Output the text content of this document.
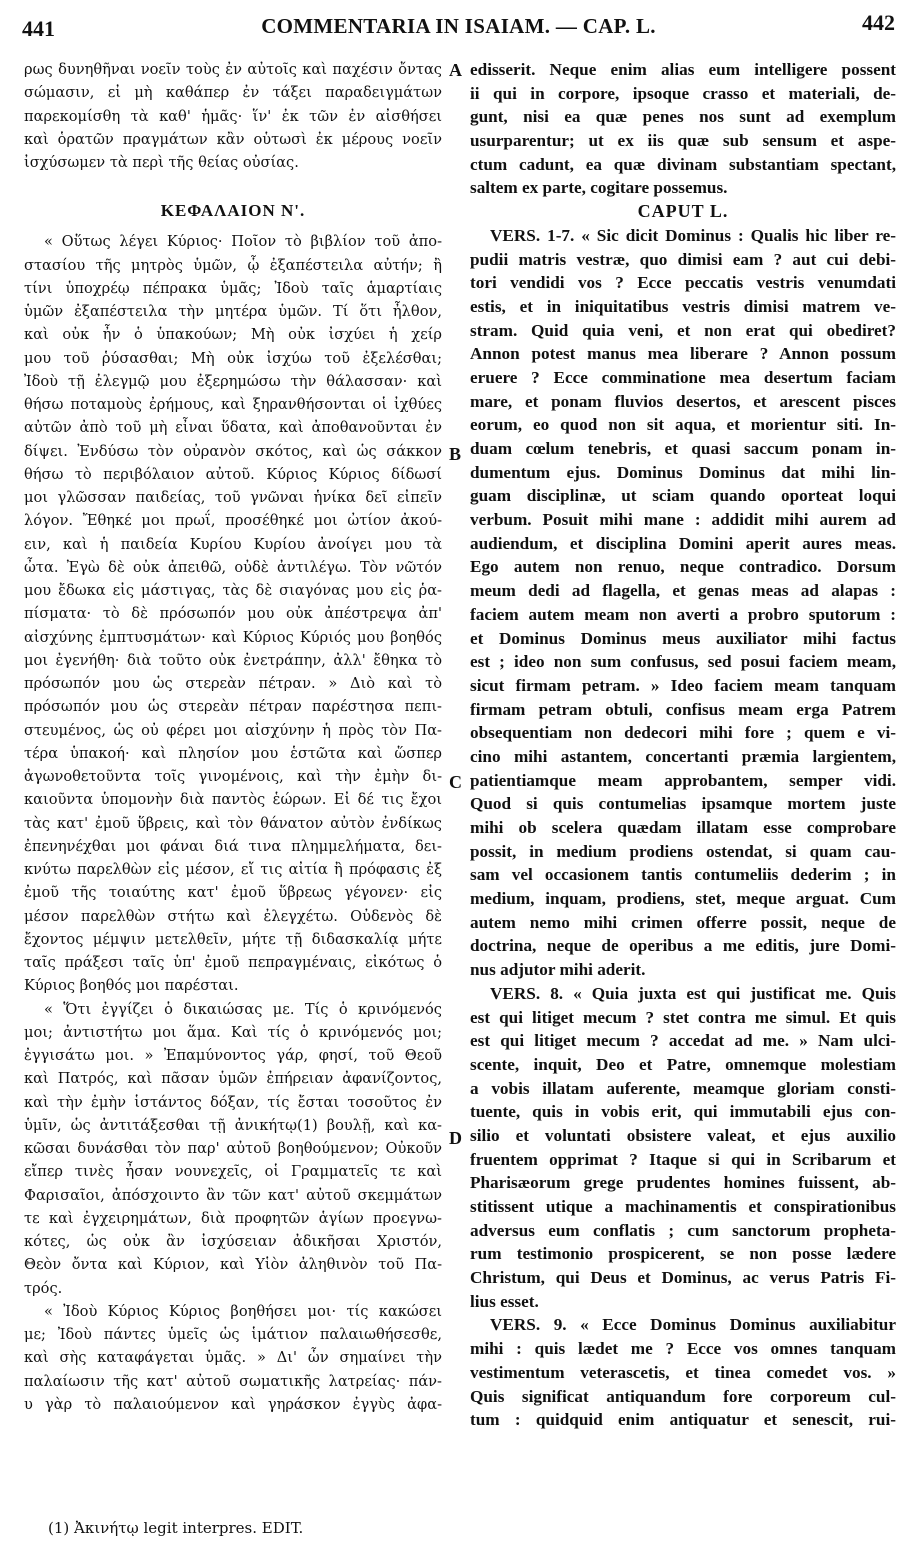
441	COMMENTARIA IN ISAIAM. — CAP. L.	442

ρως δυνηθῆναι νοεῖν τοὺς ἐν αὐτοῖς καὶ παχέσιν ὄντας

σώμασιν, εἰ μὴ καθάπερ ἐν τάξει παραδειγμάτων

παρεκομίσθη τὰ καθ' ἡμᾶς· ἵν' ἐκ τῶν ἐν αἰσθήσει

καὶ ὁρατῶν πραγμάτων κἂν οὑτωσὶ ἐκ μέρους νοεῖν

ἰσχύσωμεν τὰ περὶ τῆς θείας οὐσίας.

ΚΕΦΑΛΑΙΟΝ Ν'.

« Οὕτως λέγει Κύριος· Ποῖον τὸ βιβλίον τοῦ ἀπο-

στασίου τῆς μητρὸς ὑμῶν, ᾧ ἐξαπέστειλα αὐτήν; ἢ

τίνι ὑποχρέῳ πέπρακα ὑμᾶς; Ἰδοὺ ταῖς ἁμαρτίαις

ὑμῶν ἐξαπέστειλα τὴν μητέρα ὑμῶν. Τί ὅτι ἦλθον,

καὶ οὐκ ἦν ὁ ὑπακούων; Μὴ οὐκ ἰσχύει ἡ χείρ

μου τοῦ ῥύσασθαι; Μὴ οὐκ ἰσχύω τοῦ ἐξελέσθαι;

Ἰδοὺ τῇ ἐλεγμῷ μου ἐξερημώσω τὴν θάλασσαν· καὶ

θήσω ποταμοὺς ἐρήμους, καὶ ξηρανθήσονται οἱ ἰχθύες

αὐτῶν ἀπὸ τοῦ μὴ εἶναι ὕδατα, καὶ ἀποθανοῦνται ἐν

δίψει. Ἐνδύσω τὸν οὐρανὸν σκότος, καὶ ὡς σάκκον

θήσω τὸ περιβόλαιον αὐτοῦ. Κύριος Κύριος δίδωσί

μοι γλῶσσαν παιδείας, τοῦ γνῶναι ἡνίκα δεῖ εἰπεῖν

λόγον. Ἔθηκέ μοι πρωΐ, προσέθηκέ μοι ὠτίον ἀκού-

ειν, καὶ ἡ παιδεία Κυρίου Κυρίου ἀνοίγει μου τὰ

ὦτα. Ἐγὼ δὲ οὐκ ἀπειθῶ, οὐδὲ ἀντιλέγω. Τὸν νῶτόν

μου ἔδωκα εἰς μάστιγας, τὰς δὲ σιαγόνας μου εἰς ῥα-

πίσματα· τὸ δὲ πρόσωπόν μου οὐκ ἀπέστρεψα ἀπ'

αἰσχύνης ἐμπτυσμάτων· καὶ Κύριος Κύριός μου βοηθός

μοι ἐγενήθη· διὰ τοῦτο οὐκ ἐνετράπην, ἀλλ' ἔθηκα τὸ

πρόσωπόν μου ὡς στερεὰν πέτραν. » Διὸ καὶ τὸ

πρόσωπόν μου ὡς στερεὰν πέτραν παρέστησα πεπι-

στευμένος, ὡς οὐ φέρει μοι αἰσχύνην ἡ πρὸς τὸν Πα-

τέρα ὑπακοή· καὶ πλησίον μου ἑστῶτα καὶ ὥσπερ

ἀγωνοθετοῦντα τοῖς γινομένοις, καὶ τὴν ἐμὴν δι-

καιοῦντα ὑπομονὴν διὰ παντὸς ἑώρων. Εἰ δέ τις ἔχοι

τὰς κατ' ἐμοῦ ὕβρεις, καὶ τὸν θάνατον αὐτὸν ἐνδίκως

ἐπενηνέχθαι μοι φάναι διά τινα πλημμελήματα, δει-

κνύτω παρελθὼν εἰς μέσον, εἴ τις αἰτία ἢ πρόφασις ἐξ

ἐμοῦ τῆς τοιαύτης κατ' ἐμοῦ ὕβρεως γέγονεν· εἰς

μέσον παρελθὼν στήτω καὶ ἐλεγχέτω. Οὐδενὸς δὲ

ἔχοντος μέμψιν μετελθεῖν, μήτε τῇ διδασκαλίᾳ μήτε

ταῖς πράξεσι ταῖς ὑπ' ἐμοῦ πεπραγμέναις, εἰκότως ὁ

Κύριος βοηθός μοι παρέσται.

« Ὅτι ἐγγίζει ὁ δικαιώσας με. Τίς ὁ κρινόμενός

μοι; ἀντιστήτω μοι ἅμα. Καὶ τίς ὁ κρινόμενός μοι;

ἐγγισάτω μοι. » Ἐπαμύνοντος γάρ, φησί, τοῦ Θεοῦ

καὶ Πατρός, καὶ πᾶσαν ὑμῶν ἐπήρειαν ἀφανίζοντος,

καὶ τὴν ἐμὴν ἱστάντος δόξαν, τίς ἔσται τοσοῦτος ἐν

ὑμῖν, ὡς ἀντιτάξεσθαι τῇ ἀνικήτῳ(1) βουλῇ, καὶ κα-

κῶσαι δυνάσθαι τὸν παρ' αὐτοῦ βοηθούμενον; Οὐκοῦν

εἴπερ τινὲς ἦσαν νουνεχεῖς, οἱ Γραμματεῖς τε καὶ

Φαρισαῖοι, ἀπόσχοιντο ἂν τῶν κατ' αὐτοῦ σκεμμάτων

τε καὶ ἐγχειρημάτων, διὰ προφητῶν ἁγίων προεγνω-

κότες, ὡς οὐκ ἂν ἰσχύσειαν ἀδικῆσαι Χριστόν,

Θεὸν ὄντα καὶ Κύριον, καὶ Υἱὸν ἀληθινὸν τοῦ Πα-

τρός.

« Ἰδοὺ Κύριος Κύριος βοηθήσει μοι· τίς κακώσει

με; Ἰδοὺ πάντες ὑμεῖς ὡς ἱμάτιον παλαιωθήσεσθε,

καὶ σὴς καταφάγεται ὑμᾶς. » Δι' ὧν σημαίνει τὴν

παλαίωσιν τῆς κατ' αὐτοῦ σωματικῆς λατρείας· πάν-

υ γὰρ τὸ παλαιούμενον καὶ γηράσκον ἐγγὺς ἀφα-

edisserit. Neque enim alias eum intelligere possent

ii qui in corpore, ipsoque crasso et materiali, de-

gunt, nisi ea quæ penes nos sunt ad exemplum

usurparentur; ut ex iis quæ sub sensum et aspe-

ctum cadunt, ea quæ divinam substantiam spectant,

saltem ex parte, cogitare possemus.

CAPUT L.

VERS. 1-7. « Sic dicit Dominus : Qualis hic liber re-

pudii matris vestræ, quo dimisi eam ? aut cui debi-

tori vendidi vos ? Ecce peccatis vestris venumdati

estis, et in iniquitatibus vestris dimisi matrem ve-

stram. Quid quia veni, et non erat qui obediret?

Annon potest manus mea liberare ? Annon possum

eruere ? Ecce comminatione mea desertum faciam

mare, et ponam fluvios desertos, et arescent pisces

eorum, eo quod non sit aqua, et morientur siti. In-

duam cœlum tenebris, et quasi saccum ponam in-

dumentum ejus. Dominus Dominus dat mihi lin-

guam disciplinæ, ut sciam quando oporteat loqui

verbum. Posuit mihi mane : addidit mihi aurem ad

audiendum, et disciplina Domini aperit aures meas.

Ego autem non renuo, neque contradico. Dorsum

meum dedi ad flagella, et genas meas ad alapas :

faciem autem meam non averti a probro sputorum :

et Dominus Dominus meus auxiliator mihi factus

est ; ideo non sum confusus, sed posui faciem meam,

sicut firmam petram. » Ideo faciem meam tanquam

firmam petram obtuli, confisus meam erga Patrem

obsequentiam non dedecori mihi fore ; quem e vi-

cino mihi astantem, concertanti præmia largientem,

patientiamque meam approbantem, semper vidi.

Quod si quis contumelias ipsamque mortem juste

mihi ob scelera quædam illatam esse comprobare

possit, in medium prodiens ostendat, si quam cau-

sam vel occasionem tantis contumeliis dederim ; in

medium, inquam, prodiens, stet, meque arguat. Cum

autem nemo mihi crimen offerre possit, neque de

doctrina, neque de operibus a me editis, jure Domi-

nus adjutor mihi aderit.

VERS. 8. « Quia juxta est qui justificat me. Quis

est qui litiget mecum ? stet contra me simul. Et quis

est qui litiget mecum ? accedat ad me. » Nam ulci-

scente, inquit, Deo et Patre, omnemque molestiam

a vobis illatam auferente, meamque gloriam consti-

tuente, quis in vobis erit, qui immutabili ejus con-

silio et voluntati obsistere valeat, et ejus auxilio

fruentem opprimat ? Itaque si qui in Scribarum et

Pharisæorum grege prudentes homines fuissent, ab-

stitissent utique a machinamentis et conspirationibus

adversus eum conflatis ; cum sanctorum propheta-

rum testimonio prospicerent, se non posse lædere

Christum, qui Deus et Dominus, ac verus Patris Fi-

lius esset.

VERS. 9. « Ecce Dominus Dominus auxiliabitur

mihi : quis lædet me ? Ecce vos omnes tanquam

vestimentum veterascetis, et tinea comedet vos. »

Quis significat antiquandum fore corporeum cul-

tum : quidquid enim antiquatur et senescit, rui-

A
B
C
D
(1) Ἀκινήτῳ legit interpres. EDIT.
